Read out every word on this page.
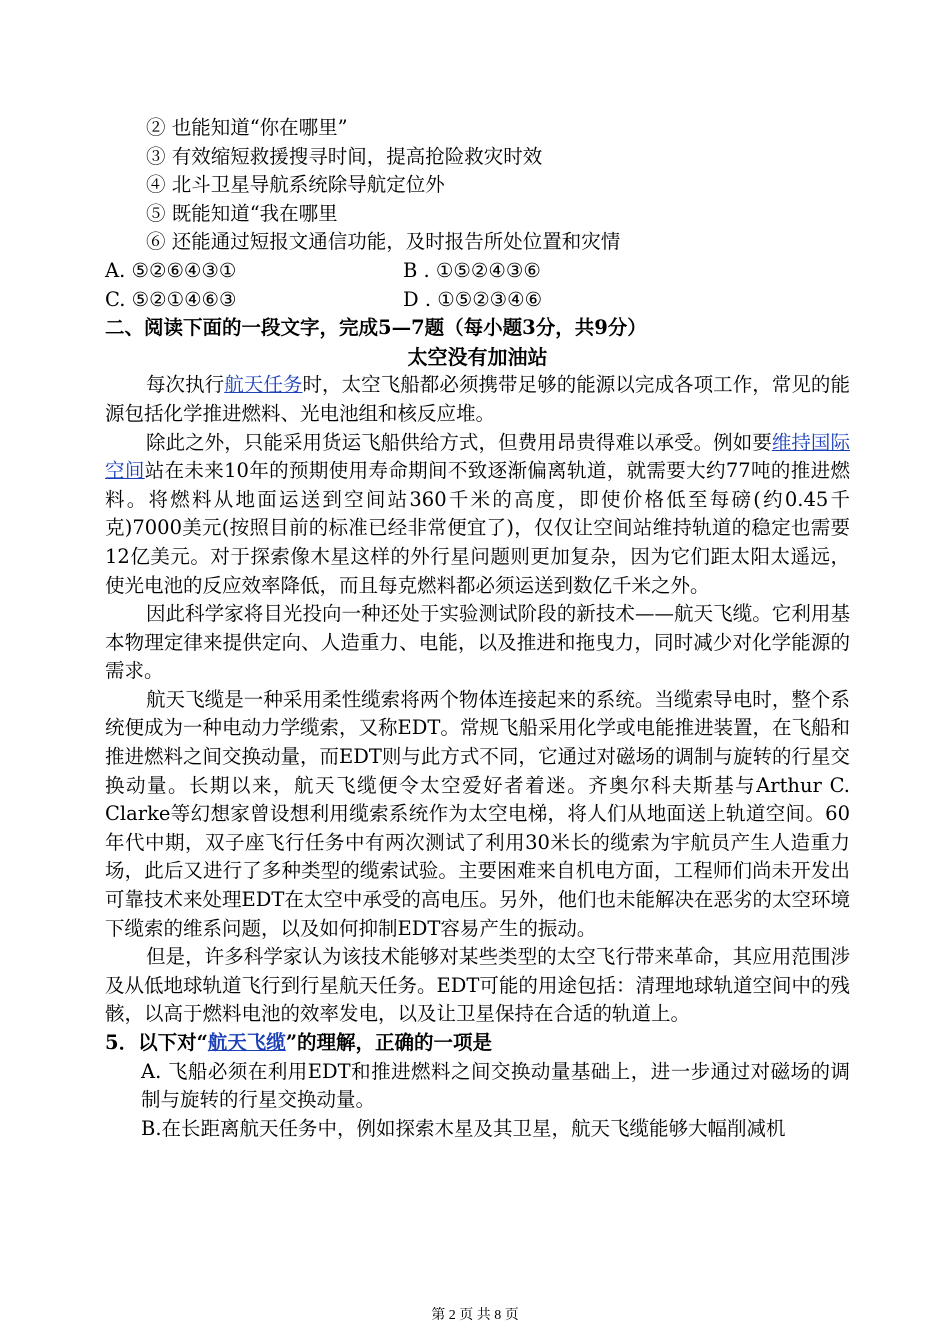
② 也能知道“你在哪里”
③ 有效缩短救援搜寻时间，提高抢险救灾时效
④ 北斗卫星导航系统除导航定位外
⑤ 既能知道“我在哪里
⑥ 还能通过短报文通信功能，及时报告所处位置和灾情
A. ⑤②⑥④③①	B . ①⑤②④③⑥
C. ⑤②①④⑥③	D . ①⑤②③④⑥
二、阅读下面的一段文字，完成5—7题（每小题3分，共9分）
太空没有加油站

每次执行航天任务时，太空飞船都必须携带足够的能源以完成各项工作，常见的能源包括化学推进燃料、光电池组和核反应堆。

除此之外，只能采用货运飞船供给方式，但费用昂贵得难以承受。例如要维持国际空间站在未来10年的预期使用寿命期间不致逐渐偏离轨道，就需要大约77吨的推进燃料。将燃料从地面运送到空间站360千米的高度，即使价格低至每磅(约0.45千克)7000美元(按照目前的标准已经非常便宜了)，仅仅让空间站维持轨道的稳定也需要12亿美元。对于探索像木星这样的外行星问题则更加复杂，因为它们距太阳太遥远，使光电池的反应效率降低，而且每克燃料都必须运送到数亿千米之外。

因此科学家将目光投向一种还处于实验测试阶段的新技术——航天飞缆。它利用基本物理定律来提供定向、人造重力、电能，以及推进和拖曳力，同时减少对化学能源的需求。

航天飞缆是一种采用柔性缆索将两个物体连接起来的系统。当缆索导电时，整个系统便成为一种电动力学缆索，又称EDT。常规飞船采用化学或电能推进装置，在飞船和推进燃料之间交换动量，而EDT则与此方式不同，它通过对磁场的调制与旋转的行星交换动量。长期以来，航天飞缆便令太空爱好者着迷。齐奥尔科夫斯基与Arthur C. Clarke等幻想家曾设想利用缆索系统作为太空电梯，将人们从地面送上轨道空间。60年代中期，双子座飞行任务中有两次测试了利用30米长的缆索为宇航员产生人造重力场，此后又进行了多种类型的缆索试验。主要困难来自机电方面，工程师们尚未开发出可靠技术来处理EDT在太空中承受的高电压。另外，他们也未能解决在恶劣的太空环境下缆索的维系问题，以及如何抑制EDT容易产生的振动。

但是，许多科学家认为该技术能够对某些类型的太空飞行带来革命，其应用范围涉及从低地球轨道飞行到行星航天任务。EDT可能的用途包括：清理地球轨道空间中的残骸，以高于燃料电池的效率发电，以及让卫星保持在合适的轨道上。

5．以下对“航天飞缆”的理解，正确的一项是
A. 飞船必须在利用EDT和推进燃料之间交换动量基础上，进一步通过对磁场的调制与旋转的行星交换动量。
B.在长距离航天任务中，例如探索木星及其卫星，航天飞缆能够大幅削减机
第 2 页 共 8 页
